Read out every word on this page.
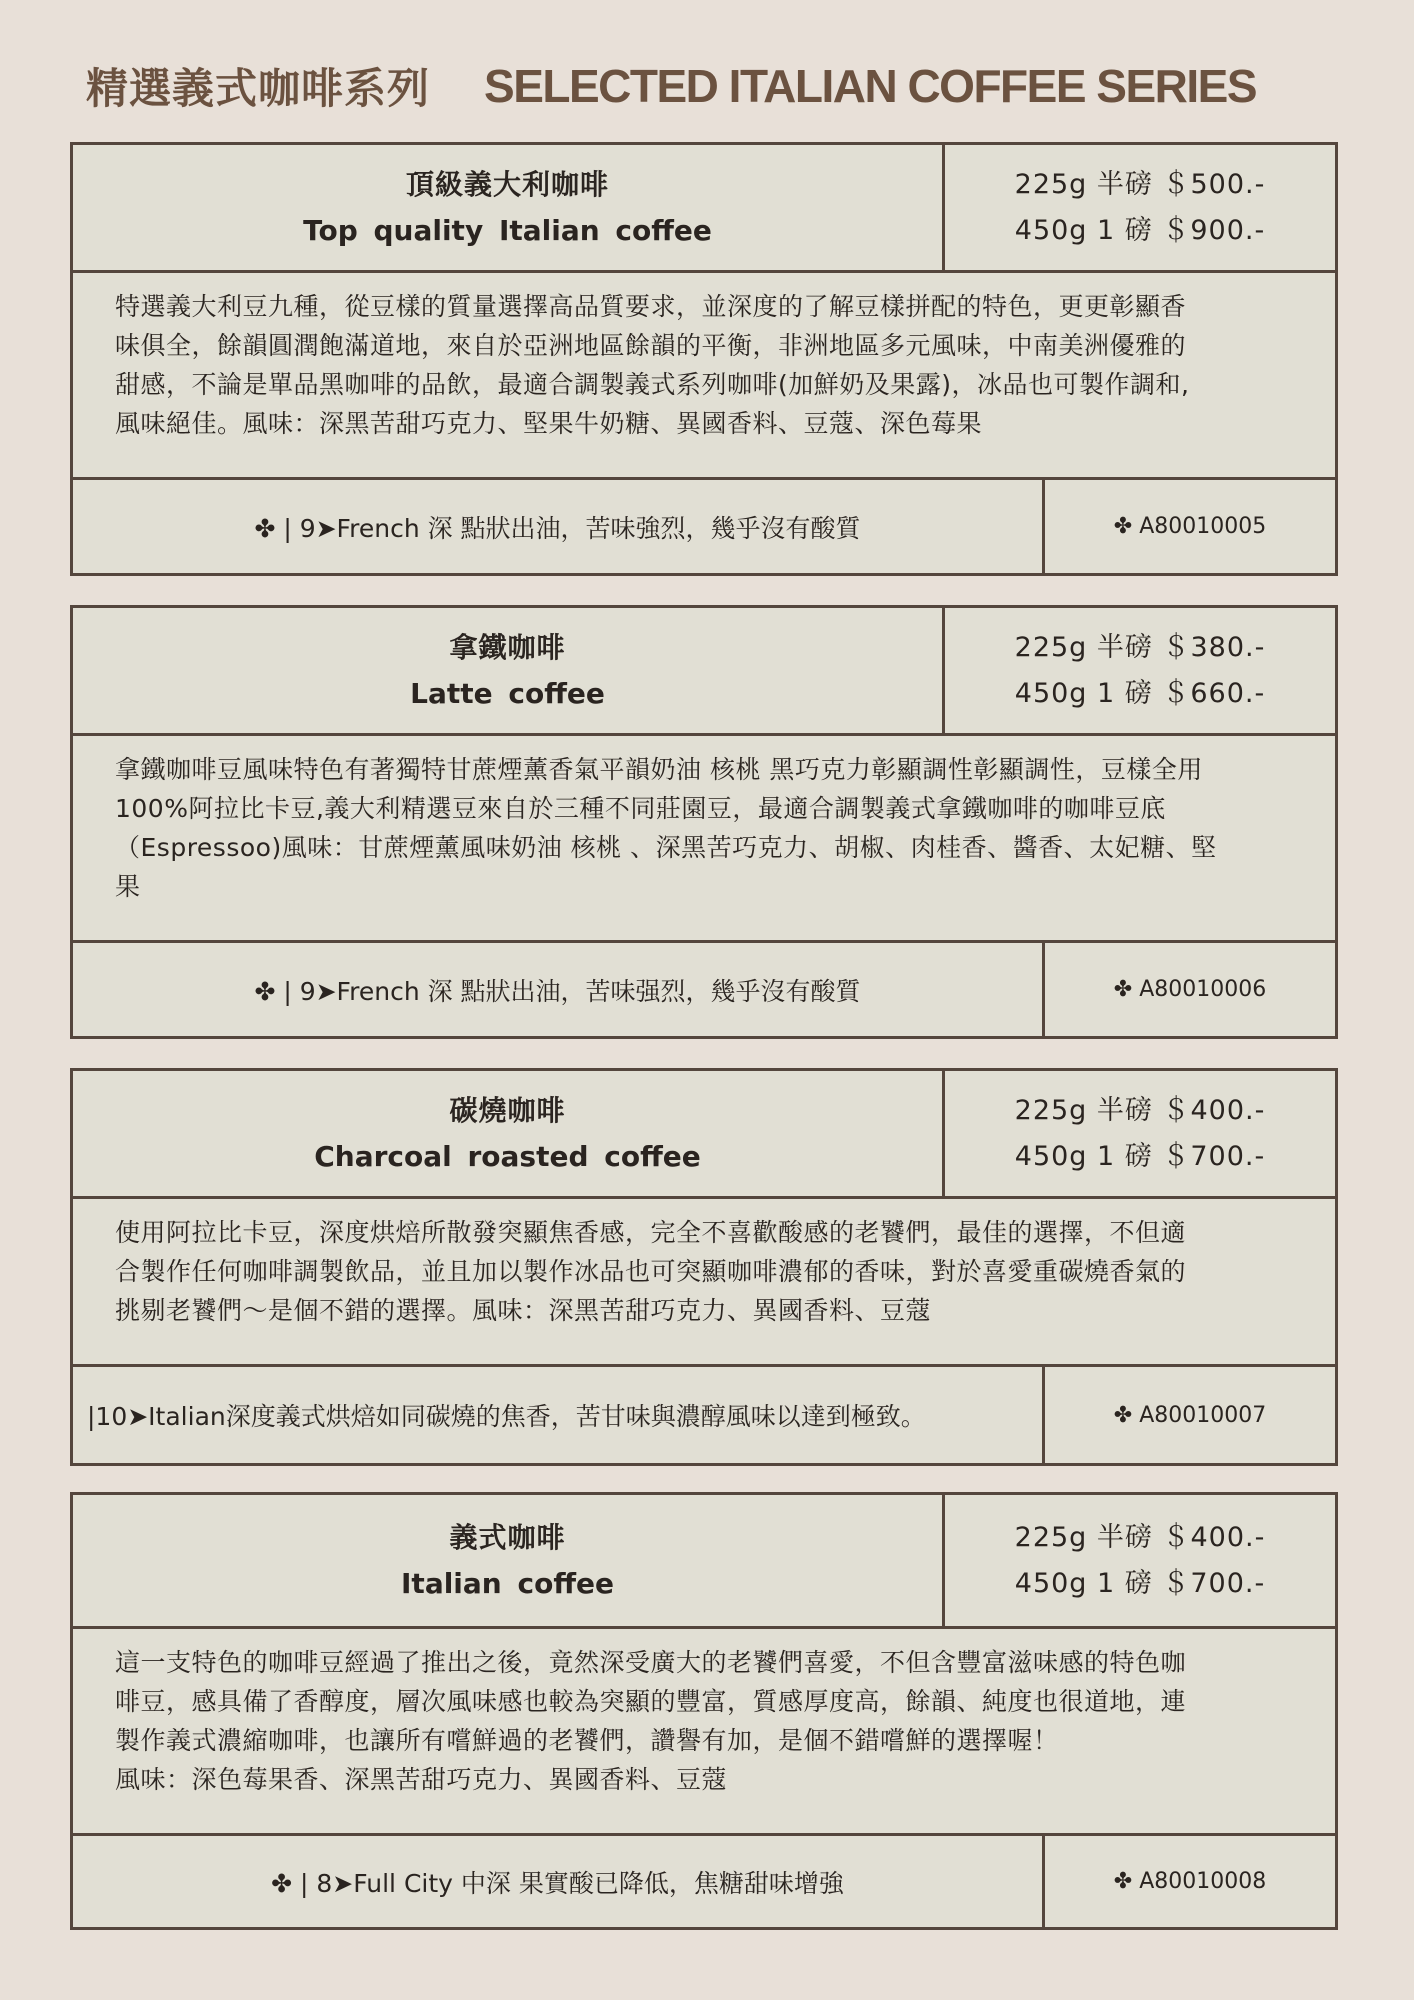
精選義式咖啡系列 SELECTED ITALIAN COFFEE SERIES
頂級義大利咖啡
Top quality Italian coffee
225g 半磅 ＄500.-
450g 1 磅 ＄900.-

特選義大利豆九種，從豆樣的質量選擇高品質要求，並深度的了解豆樣拼配的特色，更更彰顯香

味俱全，餘韻圓潤飽滿道地，來自於亞洲地區餘韻的平衡，非洲地區多元風味，中南美洲優雅的

甜感，不論是單品黑咖啡的品飲，最適合調製義式系列咖啡(加鮮奶及果露)，冰品也可製作調和,

風味絕佳。風味：深黑苦甜巧克力、堅果牛奶糖、異國香料、豆蔻、深色莓果

✤ | 9➤French 深 點狀出油，苦味強烈，幾乎沒有酸質	✤ A80010005
拿鐵咖啡
Latte coffee
225g 半磅 ＄380.-
450g 1 磅 ＄660.-

拿鐵咖啡豆風味特色有著獨特甘蔗煙薰香氣平韻奶油 核桃 黑巧克力彰顯調性彰顯調性，豆樣全用

100%阿拉比卡豆,義大利精選豆來自於三種不同莊園豆，最適合調製義式拿鐵咖啡的咖啡豆底

（Espressoo)風味：甘蔗煙薰風味奶油 核桃 、深黑苦巧克力、胡椒、肉桂香、醬香、太妃糖、堅

果

✤ | 9➤French 深 點狀出油，苦味强烈，幾乎沒有酸質	✤ A80010006
碳燒咖啡
Charcoal roasted coffee
225g 半磅 ＄400.-
450g 1 磅 ＄700.-

使用阿拉比卡豆，深度烘焙所散發突顯焦香感，完全不喜歡酸感的老饕們，最佳的選擇，不但適

合製作任何咖啡調製飲品，並且加以製作冰品也可突顯咖啡濃郁的香味，對於喜愛重碳燒香氣的

挑剔老饕們～是個不錯的選擇。風味：深黑苦甜巧克力、異國香料、豆蔻

|10➤Italian深度義式烘焙如同碳燒的焦香，苦甘味與濃醇風味以達到極致。	✤ A80010007
義式咖啡
Italian coffee
225g 半磅 ＄400.-
450g 1 磅 ＄700.-

這一支特色的咖啡豆經過了推出之後，竟然深受廣大的老饕們喜愛，不但含豐富滋味感的特色咖

啡豆，感具備了香醇度，層次風味感也較為突顯的豐富，質感厚度高，餘韻、純度也很道地，連

製作義式濃縮咖啡，也讓所有嚐鮮過的老饕們，讚譽有加，是個不錯嚐鮮的選擇喔！

風味：深色莓果香、深黑苦甜巧克力、異國香料、豆蔻

✤ | 8➤Full City 中深 果實酸已降低，焦糖甜味增強	✤ A80010008
